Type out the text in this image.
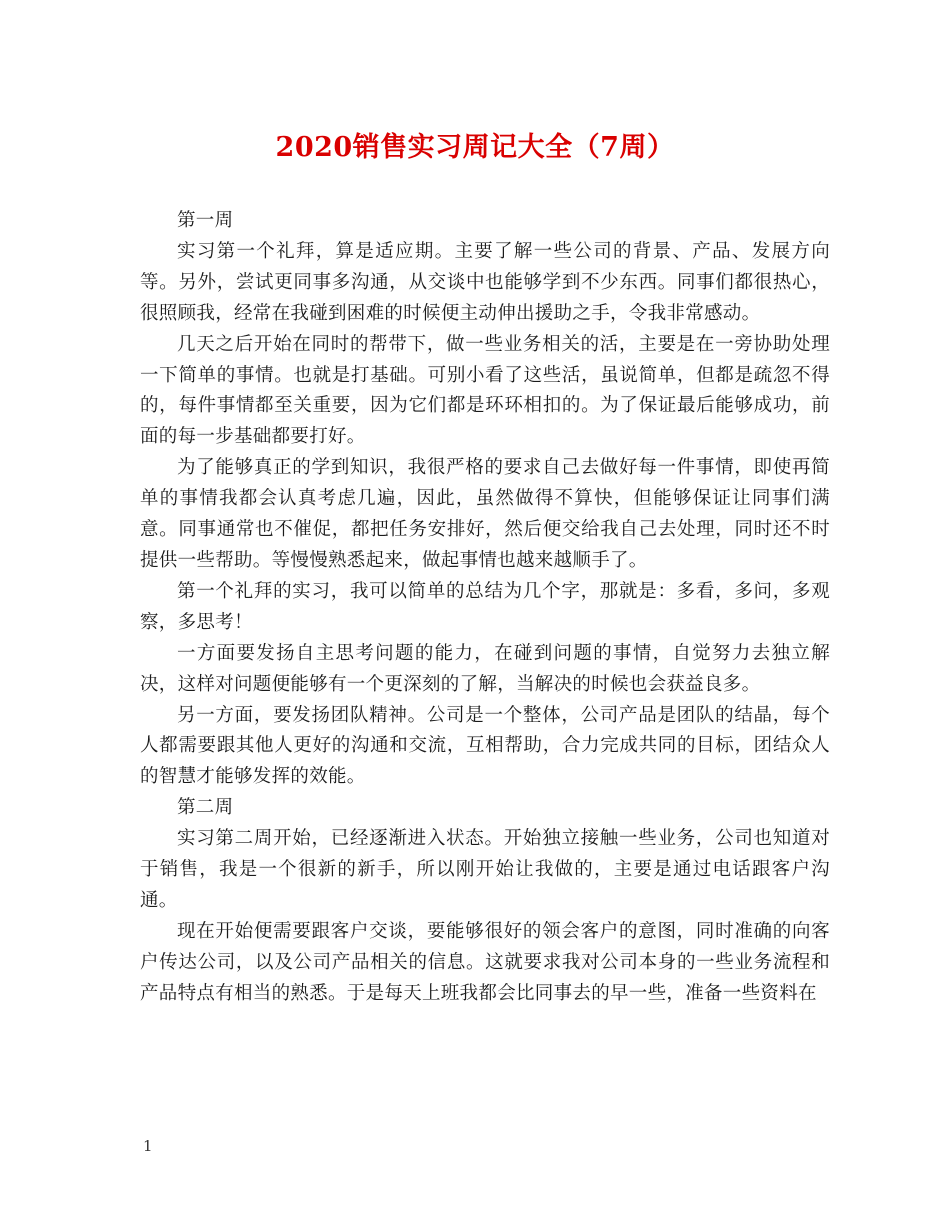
2020销售实习周记大全（7周）

第一周

实习第一个礼拜，算是适应期。主要了解一些公司的背景、产品、发展方向等。另外，尝试更同事多沟通，从交谈中也能够学到不少东西。同事们都很热心，很照顾我，经常在我碰到困难的时候便主动伸出援助之手，令我非常感动。

几天之后开始在同时的帮带下，做一些业务相关的活，主要是在一旁协助处理一下简单的事情。也就是打基础。可别小看了这些活，虽说简单，但都是疏忽不得的，每件事情都至关重要，因为它们都是环环相扣的。为了保证最后能够成功，前面的每一步基础都要打好。

为了能够真正的学到知识，我很严格的要求自己去做好每一件事情，即使再简单的事情我都会认真考虑几遍，因此，虽然做得不算快，但能够保证让同事们满意。同事通常也不催促，都把任务安排好，然后便交给我自己去处理，同时还不时提供一些帮助。等慢慢熟悉起来，做起事情也越来越顺手了。

第一个礼拜的实习，我可以简单的总结为几个字，那就是：多看，多问，多观察，多思考！

一方面要发扬自主思考问题的能力，在碰到问题的事情，自觉努力去独立解决，这样对问题便能够有一个更深刻的了解，当解决的时候也会获益良多。

另一方面，要发扬团队精神。公司是一个整体，公司产品是团队的结晶，每个人都需要跟其他人更好的沟通和交流，互相帮助，合力完成共同的目标，团结众人的智慧才能够发挥的效能。

第二周

实习第二周开始，已经逐渐进入状态。开始独立接触一些业务，公司也知道对于销售，我是一个很新的新手，所以刚开始让我做的，主要是通过电话跟客户沟通。

现在开始便需要跟客户交谈，要能够很好的领会客户的意图，同时准确的向客户传达公司，以及公司产品相关的信息。这就要求我对公司本身的一些业务流程和产品特点有相当的熟悉。于是每天上班我都会比同事去的早一些，准备一些资料在

1
